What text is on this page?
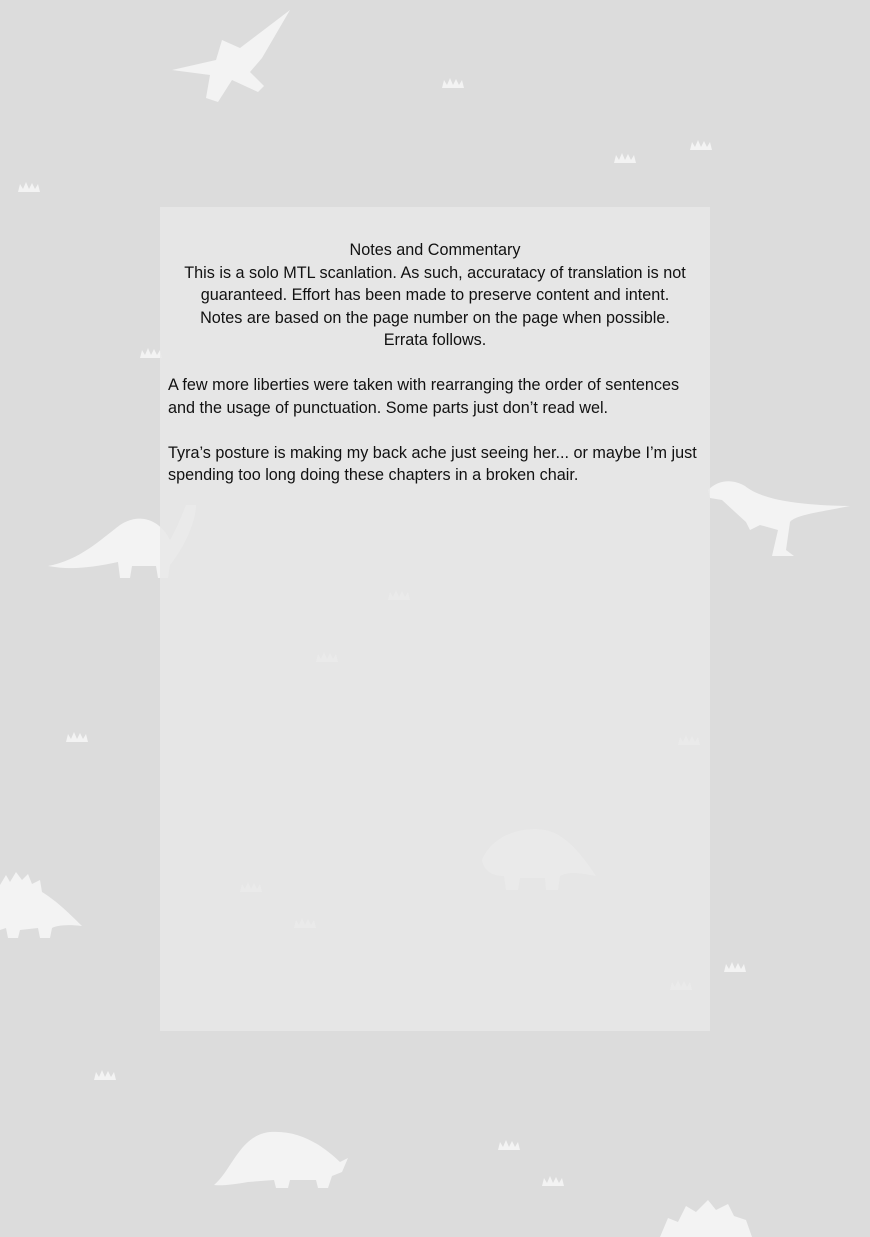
Notes and Commentary

This is a solo MTL scanlation. As such, accuratacy of translation is not

guaranteed. Effort has been made to preserve content and intent.

Notes are based on the page number on the page when possible.

Errata follows.

A few more liberties were taken with rearranging the order of sentences and the usage of punctuation. Some parts just don’t read wel.

Tyra’s posture is making my back ache just seeing her... or maybe I’m just spending too long doing these chapters in a broken chair.
